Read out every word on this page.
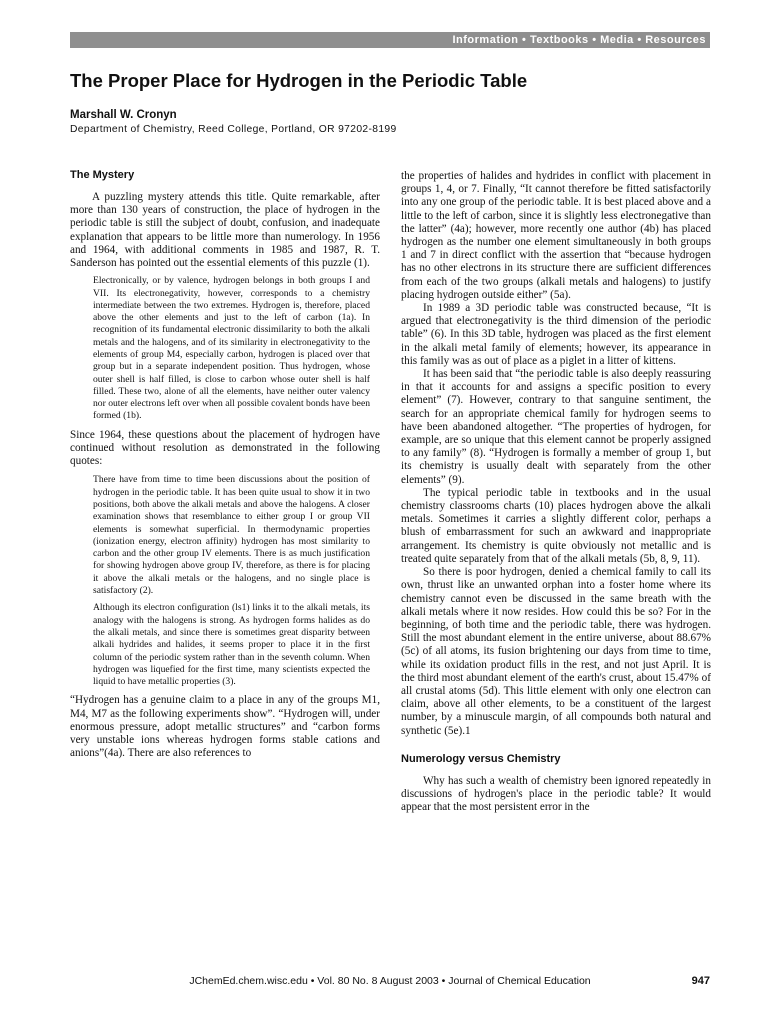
Information • Textbooks • Media • Resources
The Proper Place for Hydrogen in the Periodic Table
Marshall W. Cronyn
Department of Chemistry, Reed College, Portland, OR 97202-8199
The Mystery

A puzzling mystery attends this title. Quite remarkable, after more than 130 years of construction, the place of hydrogen in the periodic table is still the subject of doubt, confusion, and inadequate explanation that appears to be little more than numerology. In 1956 and 1964, with additional comments in 1985 and 1987, R. T. Sanderson has pointed out the essential elements of this puzzle (1).

Electronically, or by valence, hydrogen belongs in both groups I and VII. Its electronegativity, however, corresponds to a chemistry intermediate between the two extremes. Hydrogen is, therefore, placed above the other elements and just to the left of carbon (1a). In recognition of its fundamental electronic dissimilarity to both the alkali metals and the halogens, and of its similarity in electronegativity to the elements of group M4, especially carbon, hydrogen is placed over that group but in a separate independent position. Thus hydrogen, whose outer shell is half filled, is close to carbon whose outer shell is half filled. These two, alone of all the elements, have neither outer valency nor outer electrons left over when all possible covalent bonds have been formed (1b).

Since 1964, these questions about the placement of hydrogen have continued without resolution as demonstrated in the following quotes:

There have from time to time been discussions about the position of hydrogen in the periodic table. It has been quite usual to show it in two positions, both above the alkali metals and above the halogens. A closer examination shows that resemblance to either group I or group VII elements is somewhat superficial. In thermodynamic properties (ionization energy, electron affinity) hydrogen has most similarity to carbon and the other group IV elements. There is as much justification for showing hydrogen above group IV, therefore, as there is for placing it above the alkali metals or the halogens, and no single place is satisfactory (2).

Although its electron configuration (ls1) links it to the alkali metals, its analogy with the halogens is strong. As hydrogen forms halides as do the alkali metals, and since there is sometimes great disparity between alkali hydrides and halides, it seems proper to place it in the first column of the periodic system rather than in the seventh column. When hydrogen was liquefied for the first time, many scientists expected the liquid to have metallic properties (3).

“Hydrogen has a genuine claim to a place in any of the groups M1, M4, M7 as the following experiments show”. “Hydrogen will, under enormous pressure, adopt metallic structures” and “carbon forms very unstable ions whereas hydrogen forms stable cations and anions”(4a). There are also references to

the properties of halides and hydrides in conflict with placement in groups 1, 4, or 7. Finally, “It cannot therefore be fitted satisfactorily into any one group of the periodic table. It is best placed above and a little to the left of carbon, since it is slightly less electronegative than the latter” (4a); however, more recently one author (4b) has placed hydrogen as the number one element simultaneously in both groups 1 and 7 in direct conflict with the assertion that “because hydrogen has no other electrons in its structure there are sufficient differences from each of the two groups (alkali metals and halogens) to justify placing hydrogen outside either” (5a).

In 1989 a 3D periodic table was constructed because, “It is argued that electronegativity is the third dimension of the periodic table” (6). In this 3D table, hydrogen was placed as the first element in the alkali metal family of elements; however, its appearance in this family was as out of place as a piglet in a litter of kittens.

It has been said that “the periodic table is also deeply reassuring in that it accounts for and assigns a specific position to every element” (7). However, contrary to that sanguine sentiment, the search for an appropriate chemical family for hydrogen seems to have been abandoned altogether. “The properties of hydrogen, for example, are so unique that this element cannot be properly assigned to any family” (8). “Hydrogen is formally a member of group 1, but its chemistry is usually dealt with separately from the other elements” (9).

The typical periodic table in textbooks and in the usual chemistry classrooms charts (10) places hydrogen above the alkali metals. Sometimes it carries a slightly different color, perhaps a blush of embarrassment for such an awkward and inappropriate arrangement. Its chemistry is quite obviously not metallic and is treated quite separately from that of the alkali metals (5b, 8, 9, 11).

So there is poor hydrogen, denied a chemical family to call its own, thrust like an unwanted orphan into a foster home where its chemistry cannot even be discussed in the same breath with the alkali metals where it now resides. How could this be so? For in the beginning, of both time and the periodic table, there was hydrogen. Still the most abundant element in the entire universe, about 88.67% (5c) of all atoms, its fusion brightening our days from time to time, while its oxidation product fills in the rest, and not just April. It is the third most abundant element of the earth's crust, about 15.47% of all crustal atoms (5d). This little element with only one electron can claim, above all other elements, to be a constituent of the largest number, by a minuscule margin, of all compounds both natural and synthetic (5e).1

Numerology versus Chemistry

Why has such a wealth of chemistry been ignored repeatedly in discussions of hydrogen's place in the periodic table? It would appear that the most persistent error in the

JChemEd.chem.wisc.edu • Vol. 80 No. 8 August 2003 • Journal of Chemical Education	947
